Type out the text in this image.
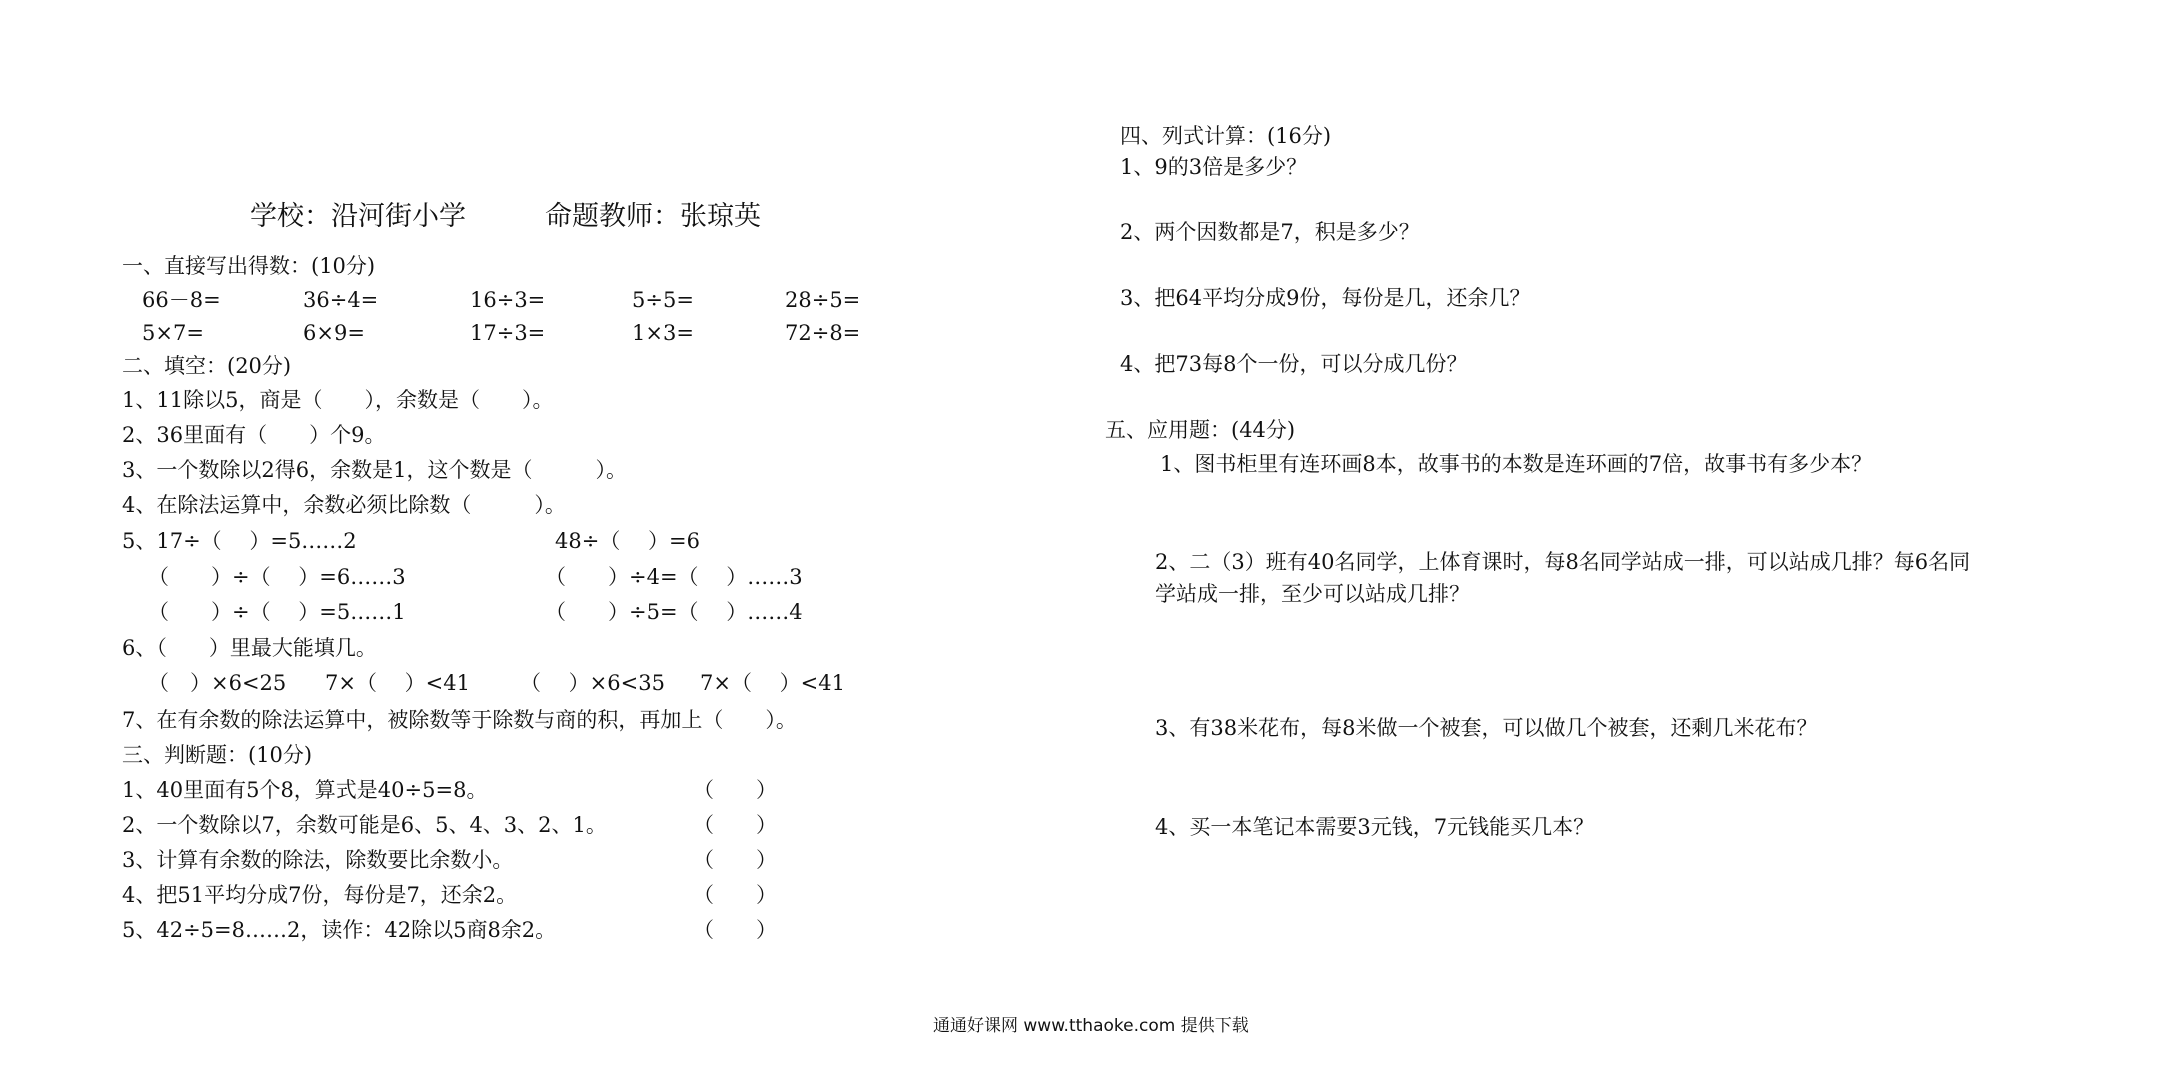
学校：沿河街小学	命题教师：张琼英
一、直接写出得数：(10分)
66－8=	36÷4=	16÷3=	5÷5=	28÷5=
5×7=	6×9=	17÷3=	1×3=	72÷8=
二、填空：(20分)
1、11除以5，商是（　　），余数是（　　）。
2、36里面有（　　）个9。
3、一个数除以2得6，余数是1，这个数是（　　　）。
4、在除法运算中，余数必须比除数（　　　）。
5、17÷（　 ）=5……2	48÷（　 ）=6
（　　）÷（　 ）=6……3	（　　）÷4=（　 ）……3
（　　）÷（　 ）=5……1	（　　）÷5=（　 ）……4
6、（　　）里最大能填几。
（　）×6<25 7×（　 ）<41 （　 ）×6<35 7×（　 ）<41
7、在有余数的除法运算中，被除数等于除数与商的积，再加上（　　）。
三、判断题：(10分)
1、40里面有5个8，算式是40÷5=8。	（　　）
2、一个数除以7，余数可能是6、5、4、3、2、1。	（　　）
3、计算有余数的除法，除数要比余数小。	（　　）
4、把51平均分成7份，每份是7，还余2。	（　　）
5、42÷5=8……2，读作：42除以5商8余2。	（　　）
四、列式计算：(16分)
1、9的3倍是多少？
2、两个因数都是7，积是多少？
3、把64平均分成9份，每份是几，还余几？
4、把73每8个一份，可以分成几份？
五、应用题：(44分)
1、图书柜里有连环画8本，故事书的本数是连环画的7倍，故事书有多少本？
2、二（3）班有40名同学，上体育课时，每8名同学站成一排，可以站成几排？每6名同
学站成一排，至少可以站成几排？
3、有38米花布，每8米做一个被套，可以做几个被套，还剩几米花布？
4、买一本笔记本需要3元钱，7元钱能买几本？
通通好课网 www.tthaoke.com 提供下载
